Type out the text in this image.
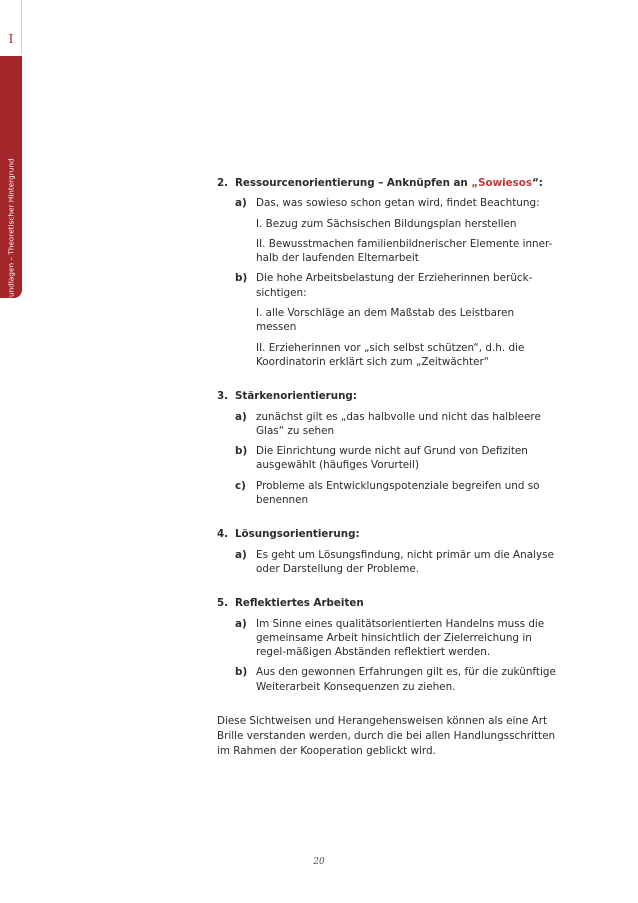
I
Grundlagen – Theoretischer Hintergrund	2. Ressourcenorientierung – Anknüpfen an „Sowiesos“:
a) Das, was sowieso schon getan wird, findet Beachtung:
I. Bezug zum Sächsischen Bildungsplan herstellen
II. Bewusstmachen familienbildnerischer Elemente inner-halb der laufenden Elternarbeit
b) Die hohe Arbeitsbelastung der Erzieherinnen berück-sichtigen:
I. alle Vorschläge an dem Maßstab des Leistbaren messen
II. Erzieherinnen vor „sich selbst schützen“, d.h. die Koordinatorin erklärt sich zum „Zeitwächter“
3. Stärkenorientierung:
a) zunächst gilt es „das halbvolle und nicht das halbleere Glas“ zu sehen
b) Die Einrichtung wurde nicht auf Grund von Defiziten ausgewählt (häufiges Vorurteil)
c) Probleme als Entwicklungspotenziale begreifen und so benennen
4. Lösungsorientierung:
a) Es geht um Lösungsfindung, nicht primär um die Analyse oder Darstellung der Probleme.
5. Reflektiertes Arbeiten
a) Im Sinne eines qualitätsorientierten Handelns muss die gemeinsame Arbeit hinsichtlich der Zielerreichung in regel-mäßigen Abständen reflektiert werden.
b) Aus den gewonnen Erfahrungen gilt es, für die zukünftige Weiterarbeit Konsequenzen zu ziehen.
Diese Sichtweisen und Herangehensweisen können als eine Art Brille verstanden werden, durch die bei allen Handlungsschritten im Rahmen der Kooperation geblickt wird.
20
